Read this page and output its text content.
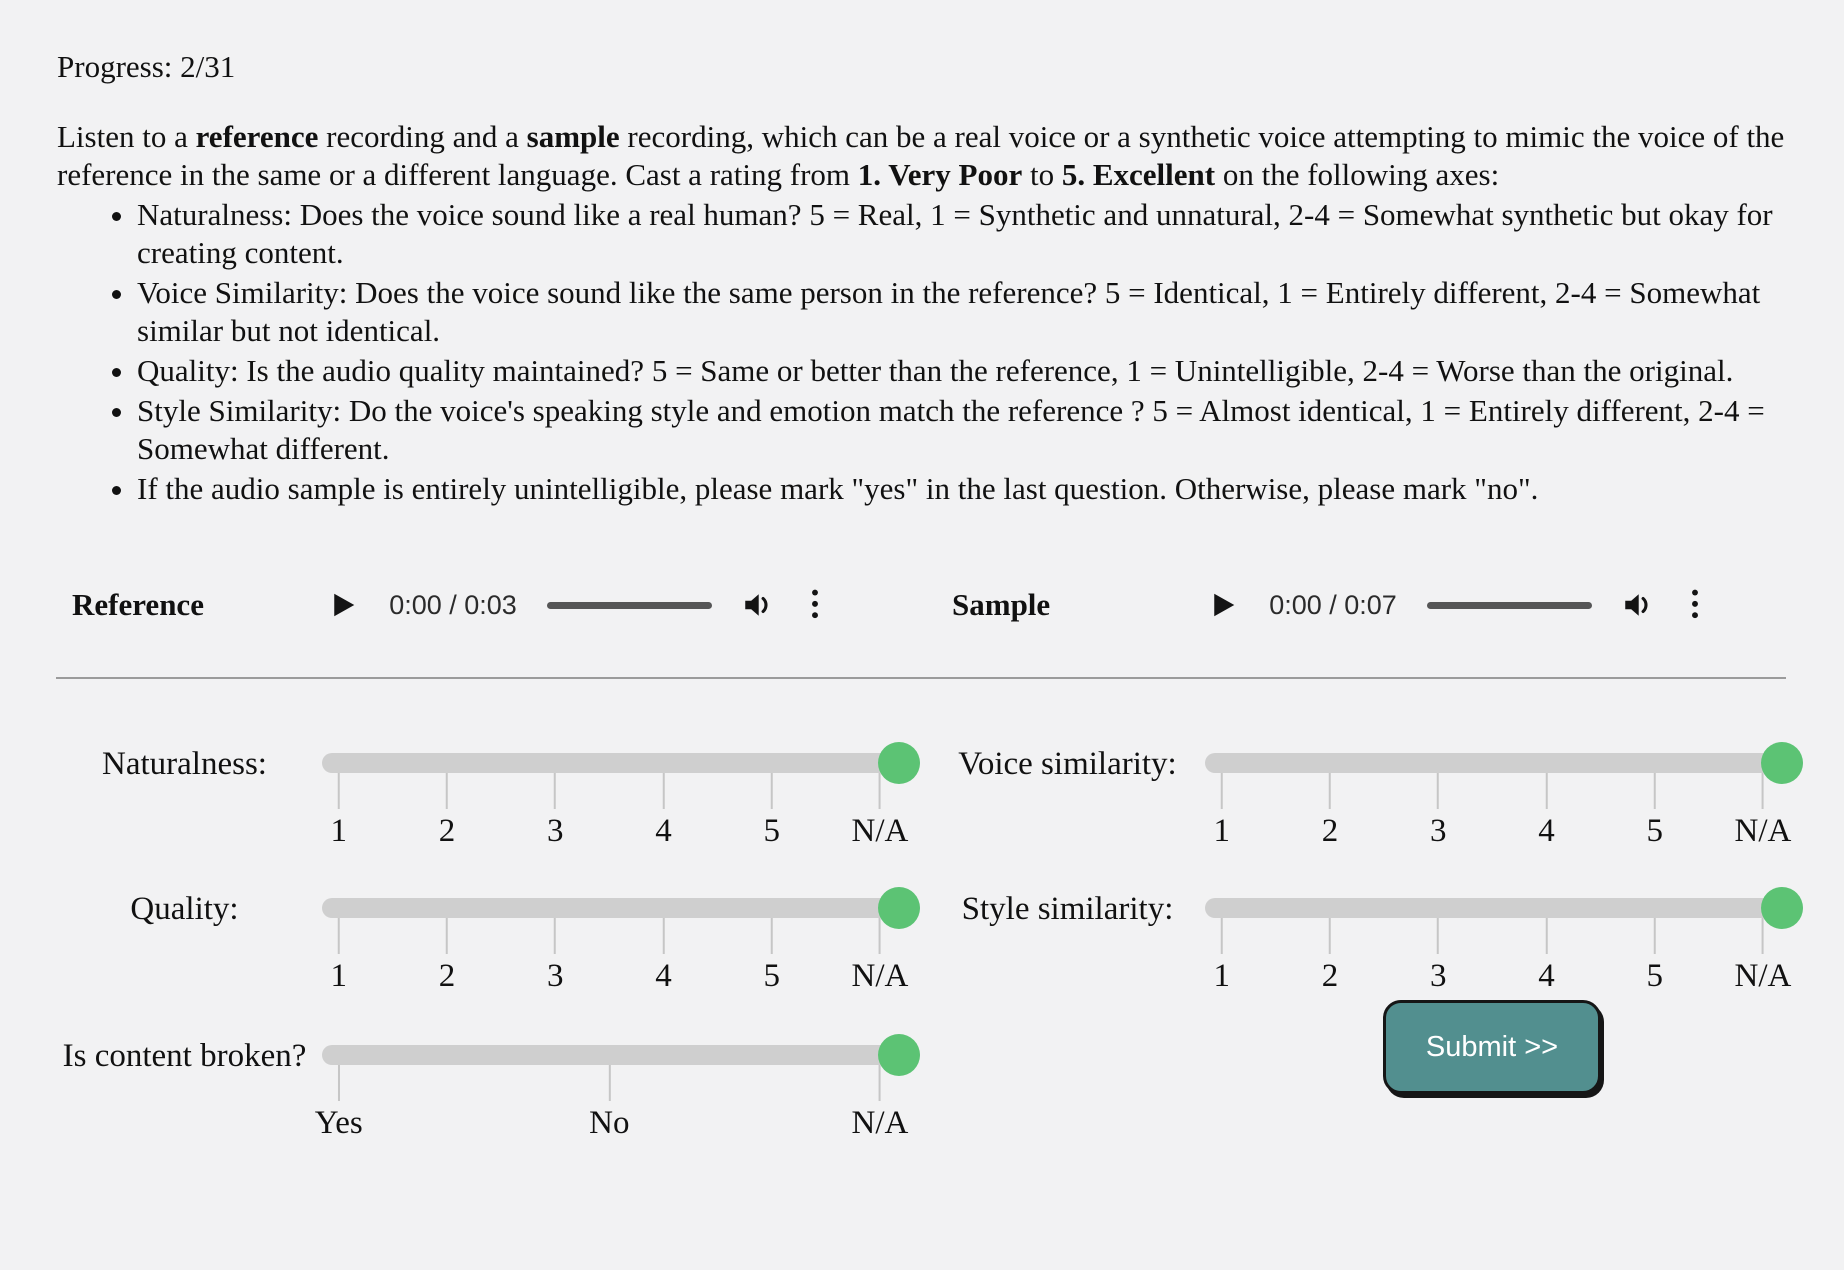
Progress: 2/31
Listen to a reference recording and a sample recording, which can be a real voice or a synthetic voice attempting to mimic the voice of the reference in the same or a different language. Cast a rating from 1. Very Poor to 5. Excellent on the following axes:
• Naturalness: Does the voice sound like a real human? 5 = Real, 1 = Synthetic and unnatural, 2-4 = Somewhat synthetic but okay for creating content.
• Voice Similarity: Does the voice sound like the same person in the reference? 5 = Identical, 1 = Entirely different, 2-4 = Somewhat similar but not identical.
• Quality: Is the audio quality maintained? 5 = Same or better than the reference, 1 = Unintelligible, 2-4 = Worse than the original.
• Style Similarity: Do the voice's speaking style and emotion match the reference ? 5 = Almost identical, 1 = Entirely different, 2-4 = Somewhat different.
• If the audio sample is entirely unintelligible, please mark "yes" in the last question. Otherwise, please mark "no".
Reference	0:00 / 0:03	Sample	0:00 / 0:07
Naturalness:
1	2	3	4	5 N/A
Quality:
1	2	3	4	5 N/A
Is content broken?
Yes	No	N/A
Voice similarity:
1	2	3	4	5 N/A
Style similarity:
1	2	3	4	5 N/A
Submit >>
